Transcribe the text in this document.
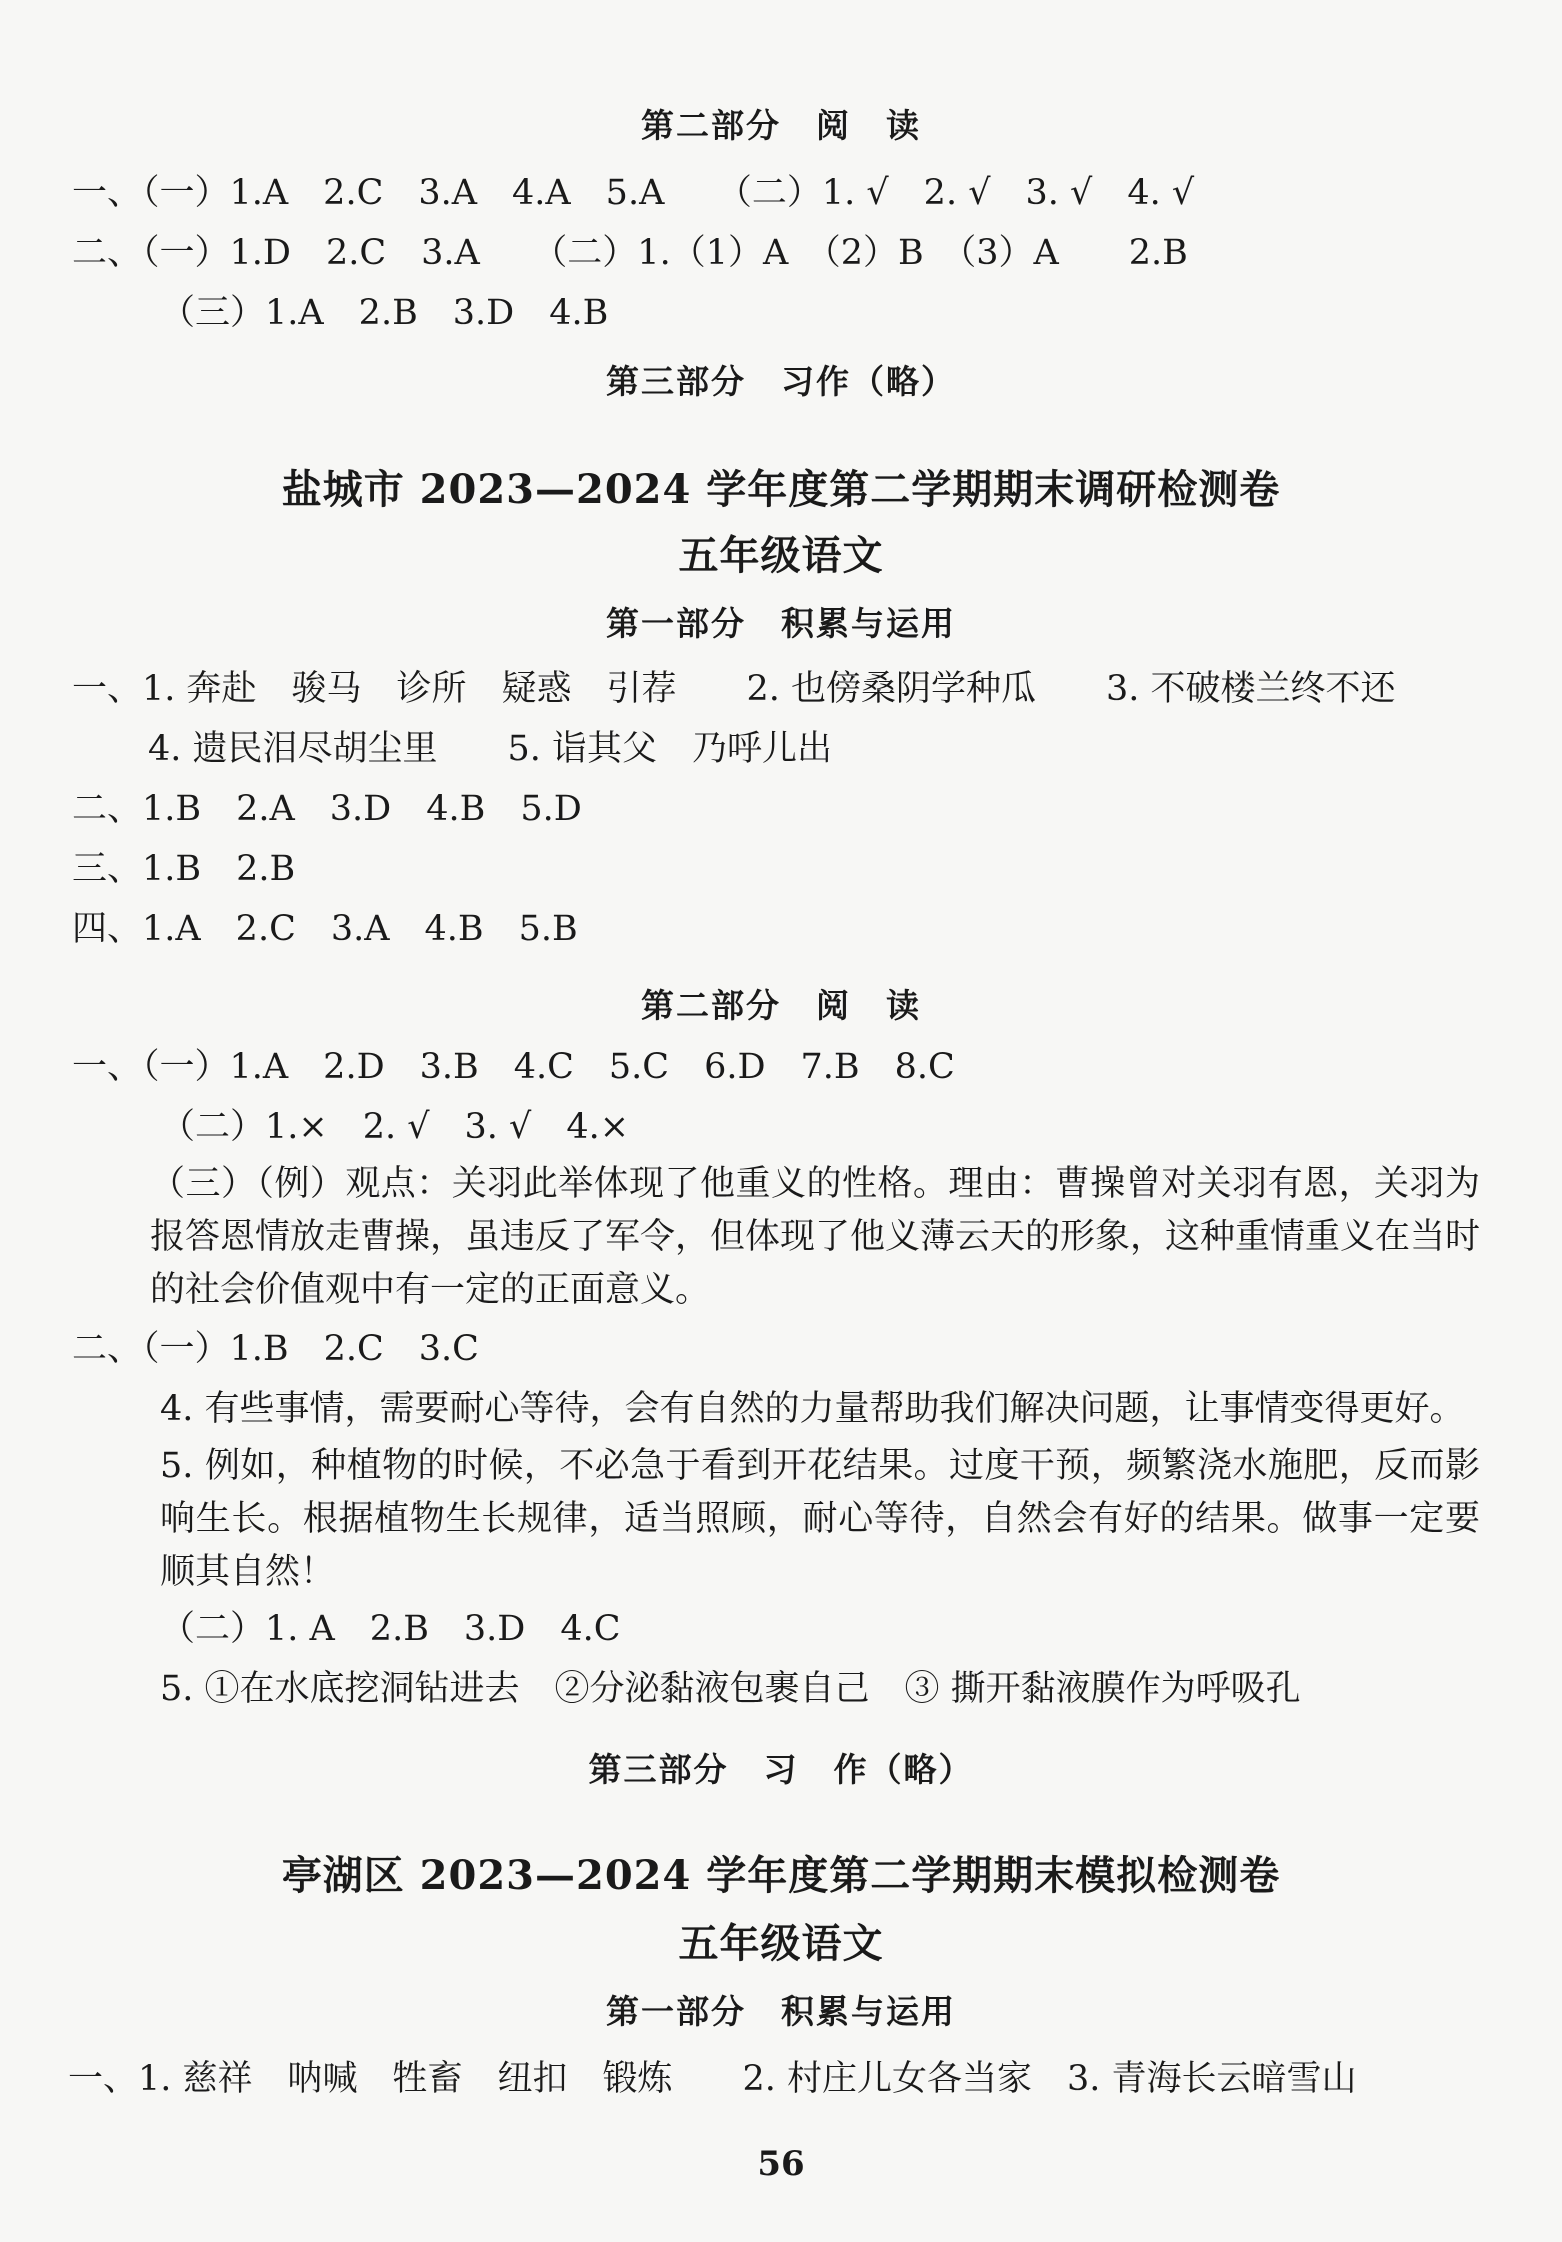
第二部分　阅　读
一、（一）1.A　2.C　3.A　4.A　5.A　　（二）1. √　2. √　3. √　4. √
二、（一）1.D　2.C　3.A　　（二）1.（1）A　（2）B　（3）A　　2.B
（三）1.A　2.B　3.D　4.B
第三部分　习作（略）
盐城市 2023—2024 学年度第二学期期末调研检测卷
五年级语文
第一部分　积累与运用
一、1. 奔赴　骏马　诊所　疑惑　引荐　　2. 也傍桑阴学种瓜　　3. 不破楼兰终不还
4. 遗民泪尽胡尘里　　5. 诣其父　乃呼儿出
二、1.B　2.A　3.D　4.B　5.D
三、1.B　2.B
四、1.A　2.C　3.A　4.B　5.B
第二部分　阅　读
一、（一）1.A　2.D　3.B　4.C　5.C　6.D　7.B　8.C
（二）1.×　2. √　3. √　4.×
（三）（例）观点：关羽此举体现了他重义的性格。理由：曹操曾对关羽有恩，关羽为报答恩情放走曹操，虽违反了军令，但体现了他义薄云天的形象，这种重情重义在当时的社会价值观中有一定的正面意义。
二、（一）1.B　2.C　3.C
4. 有些事情，需要耐心等待，会有自然的力量帮助我们解决问题，让事情变得更好。
5. 例如，种植物的时候，不必急于看到开花结果。过度干预，频繁浇水施肥，反而影响生长。根据植物生长规律，适当照顾，耐心等待，自然会有好的结果。做事一定要顺其自然！
（二）1. A　2.B　3.D　4.C
5. ①在水底挖洞钻进去　②分泌黏液包裹自己　③ 撕开黏液膜作为呼吸孔
第三部分　习　作（略）
亭湖区 2023—2024 学年度第二学期期末模拟检测卷
五年级语文
第一部分　积累与运用
一、1. 慈祥　呐喊　牲畜　纽扣　锻炼　　2. 村庄儿女各当家　3. 青海长云暗雪山
56
